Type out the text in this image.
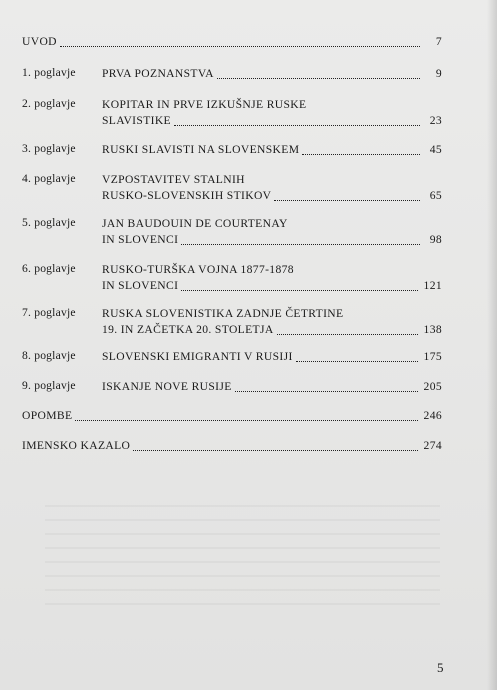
UVOD	7
1. poglavje PRVA POZNANSTVA	9
2. poglavje KOPITAR IN PRVE IZKUŠNJE RUSKE
SLAVISTIKE	23
3. poglavje RUSKI SLAVISTI NA SLOVENSKEM	45
4. poglavje VZPOSTAVITEV STALNIH
RUSKO-SLOVENSKIH STIKOV	65
5. poglavje JAN BAUDOUIN DE COURTENAY
IN SLOVENCI	98
6. poglavje RUSKO-TURŠKA VOJNA 1877-1878
IN SLOVENCI	121
7. poglavje RUSKA SLOVENISTIKA ZADNJE ČETRTINE
19. IN ZAČETKA 20. STOLETJA	138
8. poglavje SLOVENSKI EMIGRANTI V RUSIJI	175
9. poglavje ISKANJE NOVE RUSIJE	205
OPOMBE	246
IMENSKO KAZALO	274
5
